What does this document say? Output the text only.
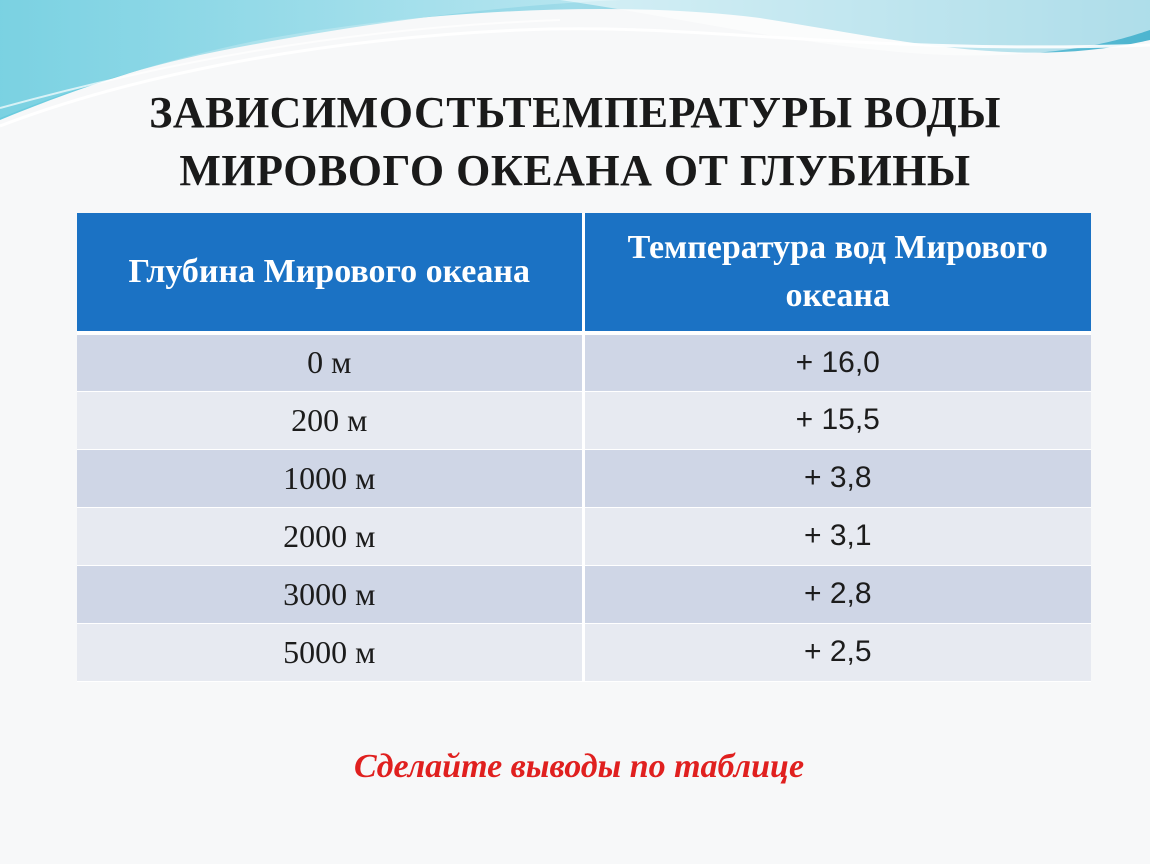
ЗАВИСИМОСТЬТЕМПЕРАТУРЫ ВОДЫ
МИРОВОГО ОКЕАНА ОТ ГЛУБИНЫ
Глубина Мирового океана	Температура вод Мирового океана
0 м	+ 16,0
200 м	+ 15,5
1000 м	+ 3,8
2000 м	+ 3,1
3000 м	+ 2,8
5000 м	+ 2,5
Сделайте выводы по таблице
